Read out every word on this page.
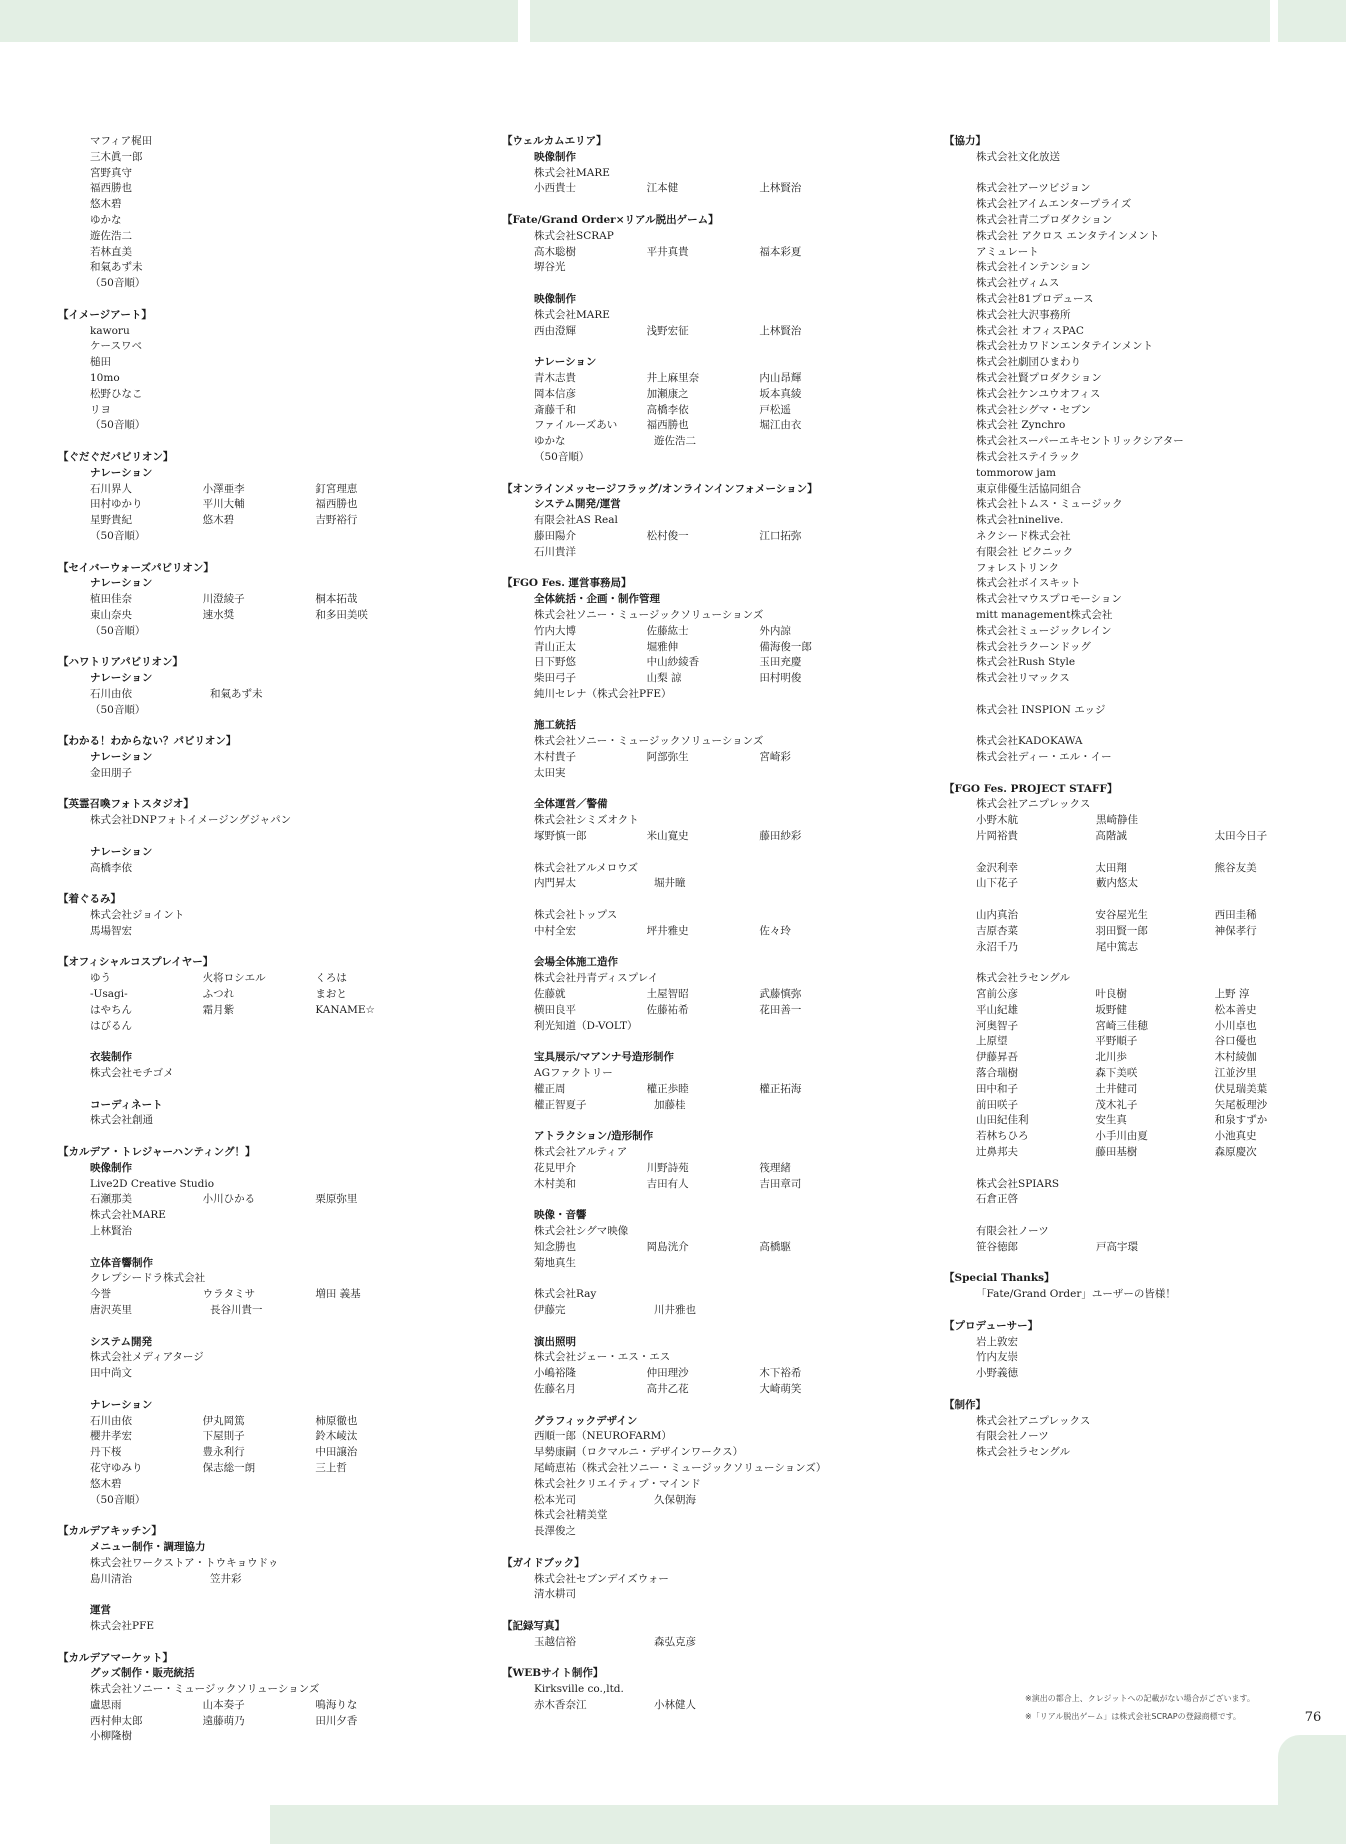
マフィア梶田
三木眞一郎
宮野真守
福西勝也
悠木碧
ゆかな
遊佐浩二
若林直美
和氣あず未
（50音順）
【イメージアート】
kaworu
ケースワベ
槌田
10mo
松野ひなこ
リヨ
（50音順）
【ぐだぐだパビリオン】
ナレーション
石川界人	小澤亜李	釘宮理恵
田村ゆかり	平川大輔	福西勝也
星野貴紀	悠木碧	吉野裕行
（50音順）
【セイバーウォーズパビリオン】
ナレーション
植田佳奈	川澄綾子	桐本拓哉
東山奈央	速水奨	和多田美咲
（50音順）
【ハワトリアパビリオン】
ナレーション
石川由依	和氣あず未
（50音順）
【わかる！わからない？パビリオン】
ナレーション
金田朋子
【英霊召喚フォトスタジオ】
株式会社DNPフォトイメージングジャパン
ナレーション
高橋李依
【着ぐるみ】
株式会社ジョイント
馬場智宏
【オフィシャルコスプレイヤー】
ゆう	火将ロシエル	くろは
-Usagi-	ふつれ	まおと
はやちん	霜月紫	KANAME☆
はびるん
衣装制作
株式会社モチゴメ
コーディネート
株式会社創通
【カルデア・トレジャーハンティング！】
映像制作
Live2D Creative Studio
石瀬那美	小川ひかる	栗原弥里
株式会社MARE
上林賢治
立体音響制作
クレプシードラ株式会社
今誉	ウラタミサ	増田 義基
唐沢英里	長谷川貴一
システム開発
株式会社メディアタージ
田中尚文
ナレーション
石川由依	伊丸岡篤	柿原徹也
櫻井孝宏	下屋則子	鈴木崚汰
丹下桜	豊永利行	中田譲治
花守ゆみり	保志総一朗	三上哲
悠木碧
（50音順）
【カルデアキッチン】
メニュー制作・調理協力
株式会社ワークストア・トウキョウドゥ
島川清治	笠井彩
運営
株式会社PFE
【カルデアマーケット】
グッズ制作・販売統括
株式会社ソニー・ミュージックソリューションズ
盧思雨	山本奏子	鳴海りな
西村伸太郎	遠藤萌乃	田川夕香
小柳隆樹
【ウェルカムエリア】
映像制作
株式会社MARE
小西貴士	江本健	上林賢治
【Fate/Grand Order×リアル脱出ゲーム】
株式会社SCRAP
高木聡樹	平井真貴	福本彩夏
堺谷光
映像制作
株式会社MARE
西由澄輝	浅野宏征	上林賢治
ナレーション
青木志貴	井上麻里奈	内山昂輝
岡本信彦	加瀬康之	坂本真綾
斎藤千和	高橋李依	戸松遥
ファイルーズあい	福西勝也	堀江由衣
ゆかな	遊佐浩二
（50音順）
【オンラインメッセージフラッグ/オンラインインフォメーション】
システム開発/運営
有限会社AS Real
藤田陽介	松村俊一	江口拓弥
石川貴洋
【FGO Fes. 運営事務局】
全体統括・企画・制作管理
株式会社ソニー・ミュージックソリューションズ
竹内大博	佐藤紘士	外内諒
青山正太	堀雅伸	備海俊一郎
日下野悠	中山紗綾香	玉田充慶
柴田弓子	山梨 諒	田村明俊
純川セレナ（株式会社PFE）
施工統括
株式会社ソニー・ミュージックソリューションズ
木村貴子	阿部弥生	宮崎彩
太田実
全体運営／警備
株式会社シミズオクト
塚野慎一郎	米山寛史	藤田紗彩
株式会社アルメロウズ
内門昇太	堀井瞳
株式会社トップス
中村全宏	坪井雅史	佐々玲
会場全体施工造作
株式会社丹青ディスプレイ
佐藤就	土屋智昭	武藤慎弥
横田良平	佐藤祐希	花田善一
利光知道（D-VOLT）
宝具展示/マアンナ号造形制作
AGファクトリー
權正周	權正歩睦	權正拓海
權正智夏子	加藤桂
アトラクション/造形制作
株式会社アルティア
花見甲介	川野詩苑	筏理緒
木村美和	吉田有人	吉田章司
映像・音響
株式会社シグマ映像
知念勝也	岡島洸介	高橋駆
菊地真生
株式会社Ray
伊藤完	川井雅也
演出照明
株式会社ジェー・エス・エス
小嶋裕隆	仲田理沙	木下裕希
佐藤名月	高井乙花	大崎萌笑
グラフィックデザイン
西順一郎（NEUROFARM）
早勢康嗣（ロクマルニ・デザインワークス）
尾崎恵祐（株式会社ソニー・ミュージックソリューションズ）
株式会社クリエイティブ・マインド
松本光司	久保朝海
株式会社精美堂
長澤俊之
【ガイドブック】
株式会社セブンデイズウォー
清水耕司
【記録写真】
玉越信裕	森弘克彦
【WEBサイト制作】
Kirksville co.,ltd.
赤木香奈江	小林健人
【協力】
株式会社文化放送
株式会社アーツビジョン
株式会社アイムエンタープライズ
株式会社青二プロダクション
株式会社 アクロス エンタテインメント
アミュレート
株式会社インテンション
株式会社ヴィムス
株式会社81プロデュース
株式会社大沢事務所
株式会社 オフィスPAC
株式会社カワドンエンタテインメント
株式会社劇団ひまわり
株式会社賢プロダクション
株式会社ケンユウオフィス
株式会社シグマ・セブン
株式会社 Zynchro
株式会社スーパーエキセントリックシアター
株式会社ステイラック
tommorow jam
東京俳優生活協同組合
株式会社トムス・ミュージック
株式会社ninelive.
ネクシード株式会社
有限会社 ピクニック
フォレストリンク
株式会社ボイスキット
株式会社マウスプロモーション
mitt management株式会社
株式会社ミュージックレイン
株式会社ラクーンドッグ
株式会社Rush Style
株式会社リマックス
株式会社 INSPION エッジ
株式会社KADOKAWA
株式会社ディー・エル・イー
【FGO Fes. PROJECT STAFF】
株式会社アニプレックス
小野木航	黒崎静佳
片岡裕貴	高階誠	太田今日子
金沢利幸	太田翔	熊谷友美
山下花子	藪内悠太
山内真治	安谷屋光生	西田圭稀
吉原杏菜	羽田賢一郎	神保孝行
永沼千乃	尾中篤志
株式会社ラセングル
宮前公彦	叶良樹	上野 淳
平山紀雄	坂野健	松本善史
河奥智子	宮崎三佳穂	小川卓也
上原望	平野順子	谷口優也
伊藤昇吾	北川歩	木村綾伽
落合瑞樹	森下美咲	江並汐里
田中和子	土井健司	伏見瑞美葉
前田咲子	茂木礼子	矢尾板理沙
山田紀佳利	安生真	和泉すずか
若林ちひろ	小手川由夏	小池真史
辻鼻邦夫	藤田基樹	森原慶次
株式会社SPIARS
石倉正啓
有限会社ノーツ
笹谷徳郎	戸高宇環
【Special Thanks】
「Fate/Grand Order」ユーザーの皆様！
【プロデューサー】
岩上敦宏
竹内友崇
小野義徳
【制作】
株式会社アニプレックス
有限会社ノーツ
株式会社ラセングル
※演出の都合上、クレジットへの記載がない場合がございます。
※「リアル脱出ゲーム」は株式会社SCRAPの登録商標です。	76
